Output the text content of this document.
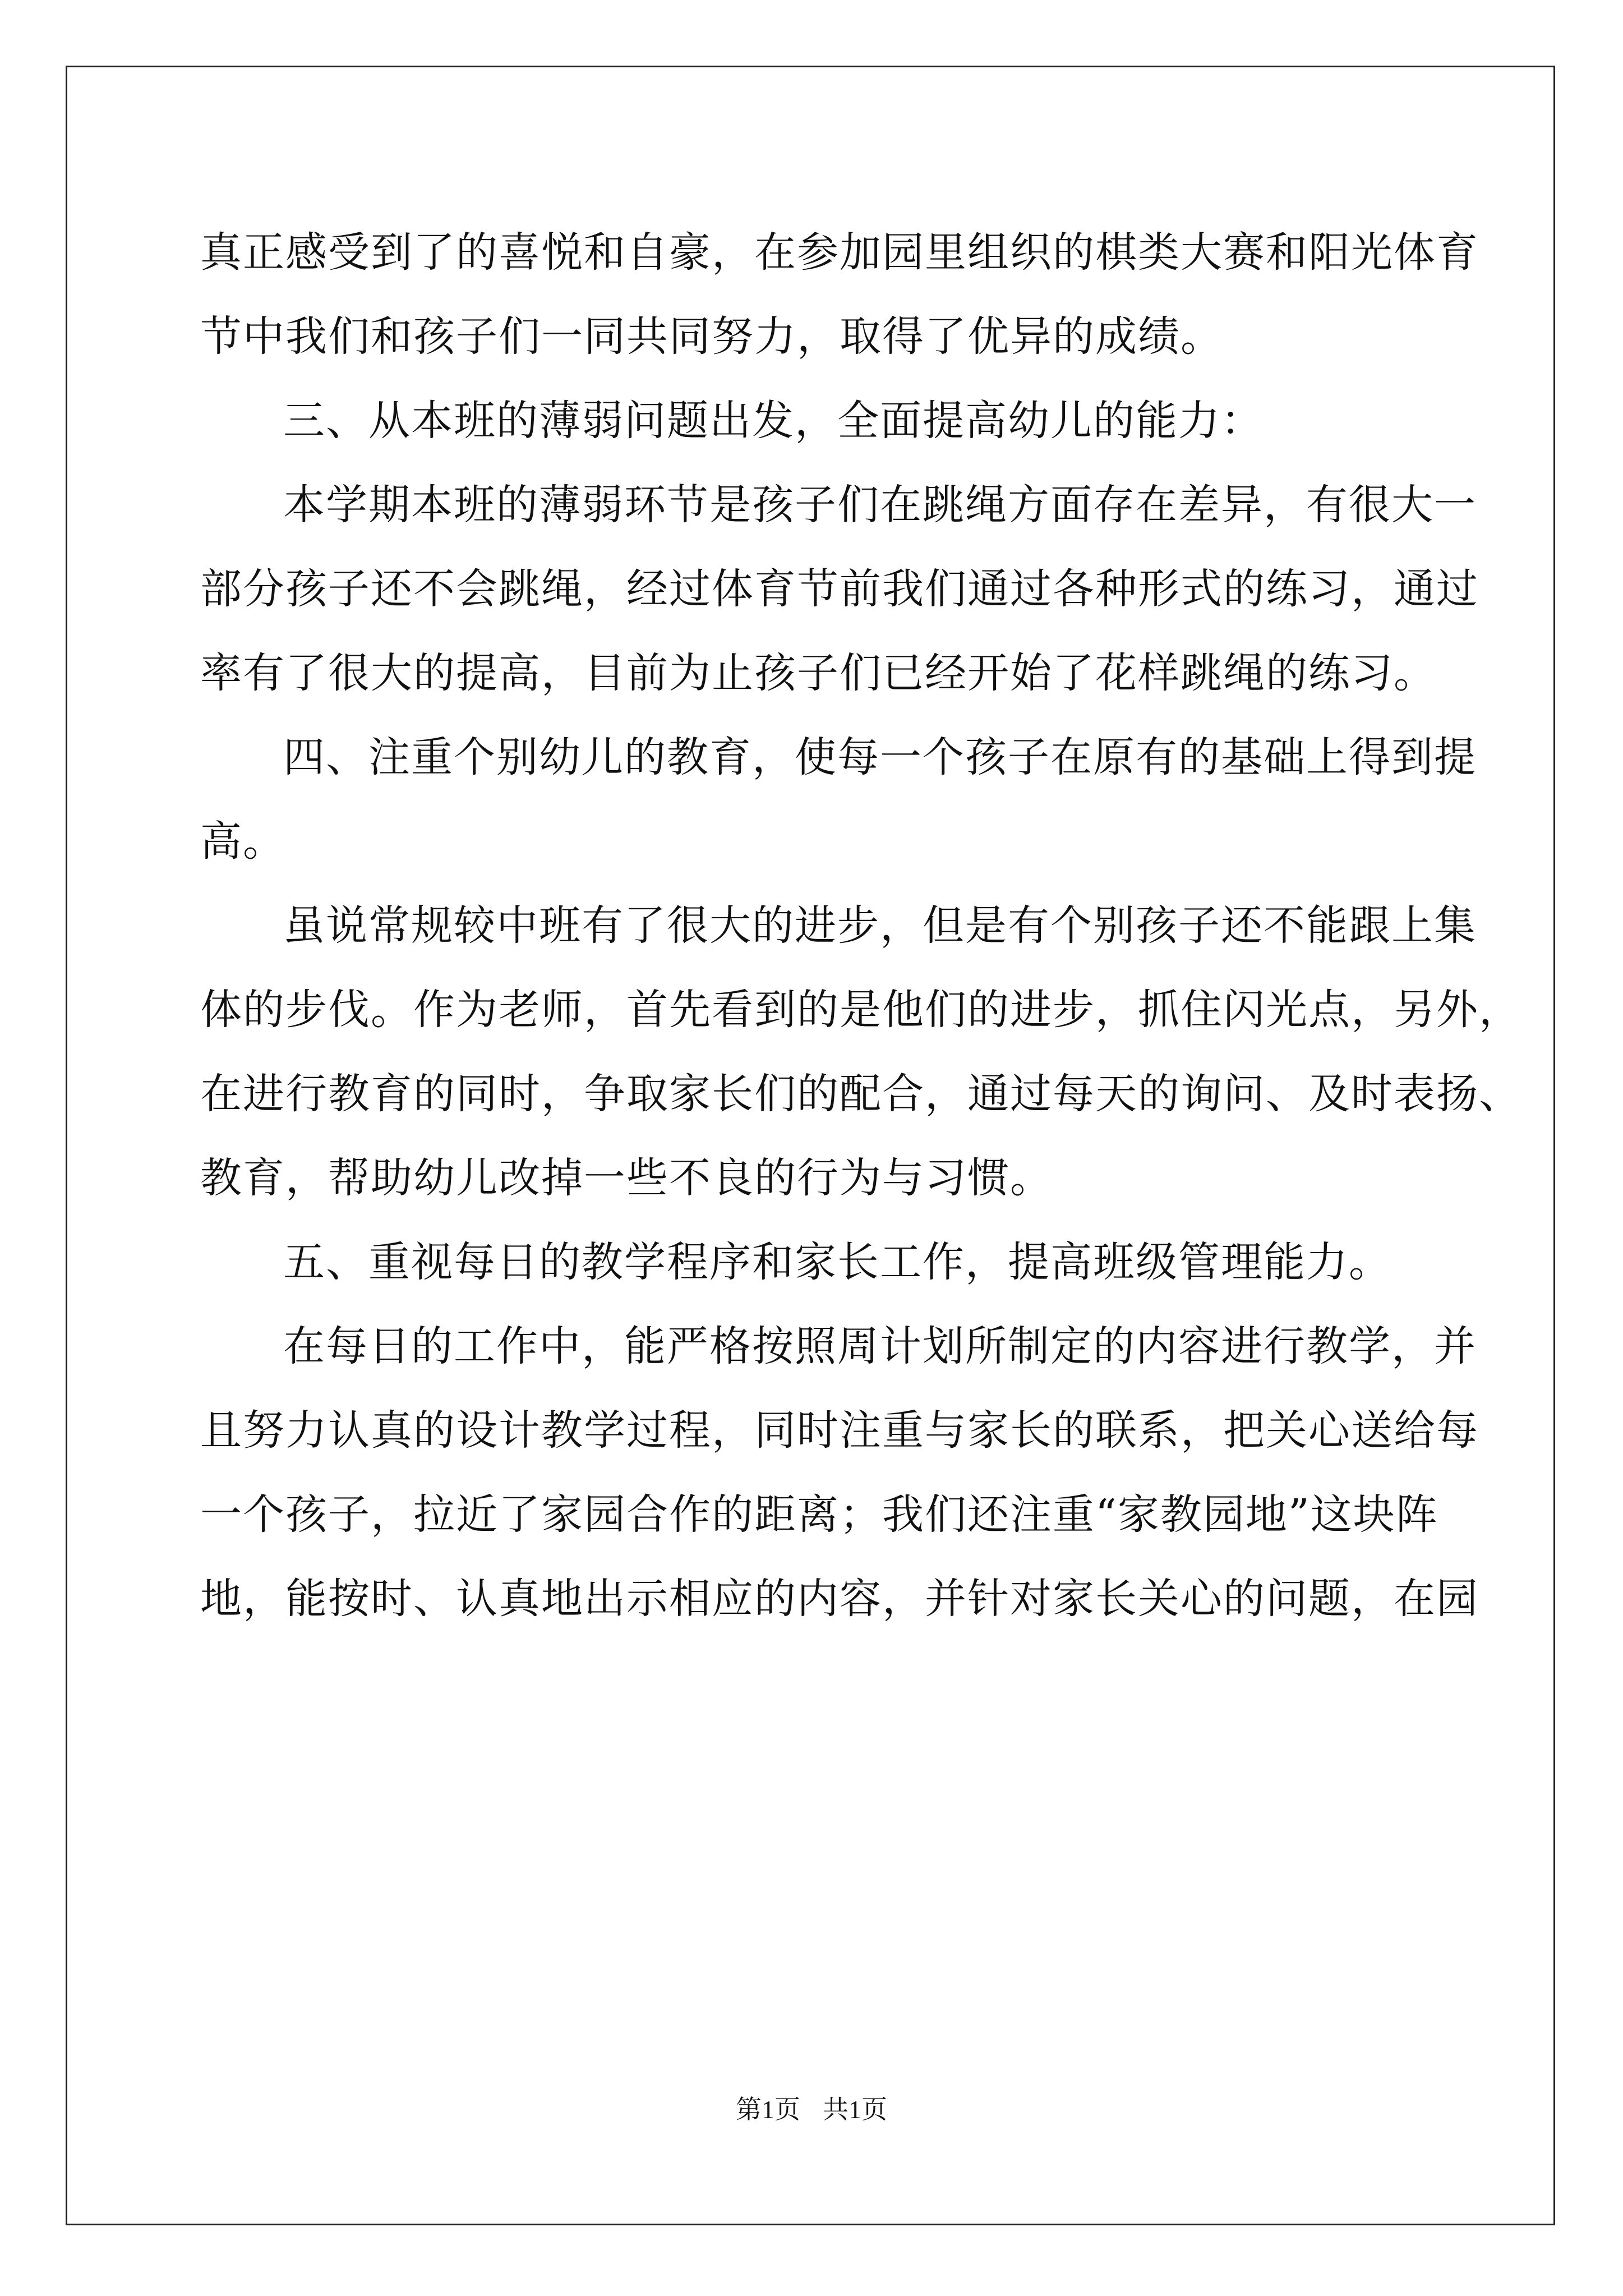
真正感受到了的喜悦和自豪，在参加园里组织的棋类大赛和阳光体育
节中我们和孩子们一同共同努力，取得了优异的成绩。
三、从本班的薄弱问题出发，全面提高幼儿的能力：
本学期本班的薄弱环节是孩子们在跳绳方面存在差异，有很大一
部分孩子还不会跳绳，经过体育节前我们通过各种形式的练习，通过
率有了很大的提高，目前为止孩子们已经开始了花样跳绳的练习。
四、注重个别幼儿的教育，使每一个孩子在原有的基础上得到提
高。
虽说常规较中班有了很大的进步，但是有个别孩子还不能跟上集
体的步伐。作为老师，首先看到的是他们的进步，抓住闪光点，另外，
在进行教育的同时，争取家长们的配合，通过每天的询问、及时表扬、
教育，帮助幼儿改掉一些不良的行为与习惯。
五、重视每日的教学程序和家长工作，提高班级管理能力。
在每日的工作中，能严格按照周计划所制定的内容进行教学，并
且努力认真的设计教学过程，同时注重与家长的联系，把关心送给每
一个孩子，拉近了家园合作的距离；我们还注重“家教园地”这块阵
地，能按时、认真地出示相应的内容，并针对家长关心的问题，在园
第1页 共1页
